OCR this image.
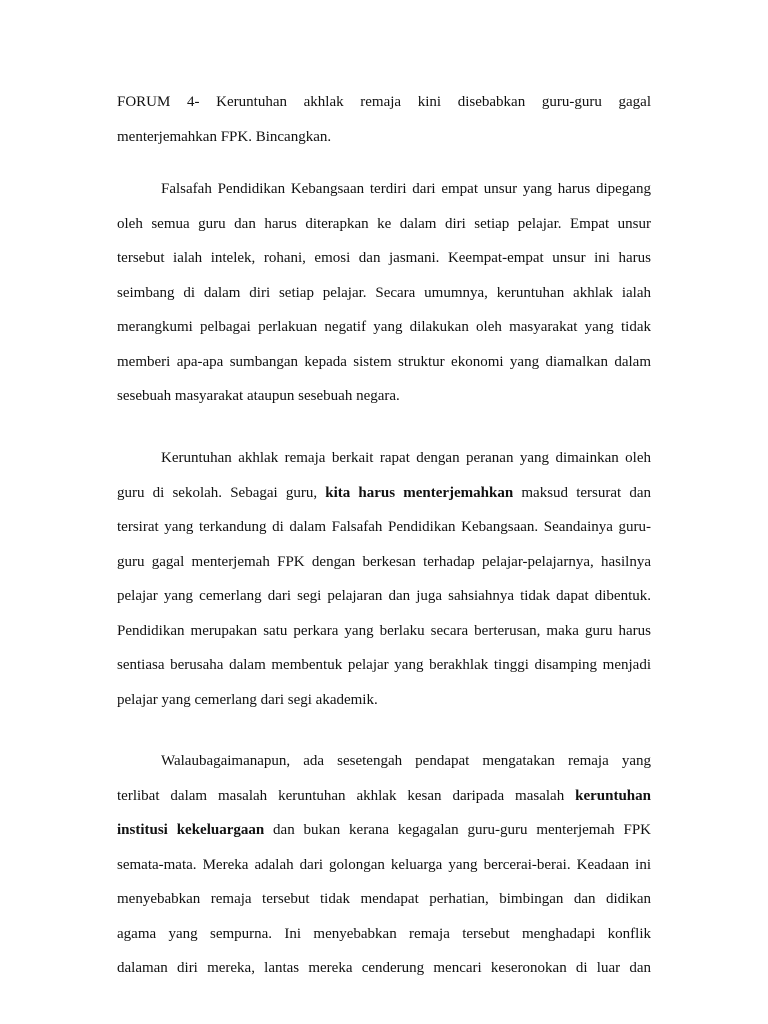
FORUM 4- Keruntuhan akhlak remaja kini disebabkan guru-guru gagal
menterjemahkan FPK. Bincangkan.
Falsafah Pendidikan Kebangsaan terdiri dari empat unsur yang harus dipegang
oleh semua guru dan harus diterapkan ke dalam diri setiap pelajar. Empat unsur
tersebut ialah intelek, rohani, emosi dan jasmani. Keempat-empat unsur ini harus
seimbang di dalam diri setiap pelajar. Secara umumnya, keruntuhan akhlak ialah
merangkumi pelbagai perlakuan negatif yang dilakukan oleh masyarakat yang tidak
memberi apa-apa sumbangan kepada sistem struktur ekonomi yang diamalkan dalam
sesebuah masyarakat ataupun sesebuah negara.
Keruntuhan akhlak remaja berkait rapat dengan peranan yang dimainkan oleh
guru di sekolah. Sebagai guru, kita harus menterjemahkan maksud tersurat dan
tersirat yang terkandung di dalam Falsafah Pendidikan Kebangsaan. Seandainya guru-
guru gagal menterjemah FPK dengan berkesan terhadap pelajar-pelajarnya, hasilnya
pelajar yang cemerlang dari segi pelajaran dan juga sahsiahnya tidak dapat dibentuk.
Pendidikan merupakan satu perkara yang berlaku secara berterusan, maka guru harus
sentiasa berusaha dalam membentuk pelajar yang berakhlak tinggi disamping menjadi
pelajar yang cemerlang dari segi akademik.
Walaubagaimanapun, ada sesetengah pendapat mengatakan remaja yang
terlibat dalam masalah keruntuhan akhlak kesan daripada masalah keruntuhan
institusi kekeluargaan dan bukan kerana kegagalan guru-guru menterjemah FPK
semata-mata. Mereka adalah dari golongan keluarga yang bercerai-berai. Keadaan ini
menyebabkan remaja tersebut tidak mendapat perhatian, bimbingan dan didikan
agama yang sempurna. Ini menyebabkan remaja tersebut menghadapi konflik
dalaman diri mereka, lantas mereka cenderung mencari keseronokan di luar dan
